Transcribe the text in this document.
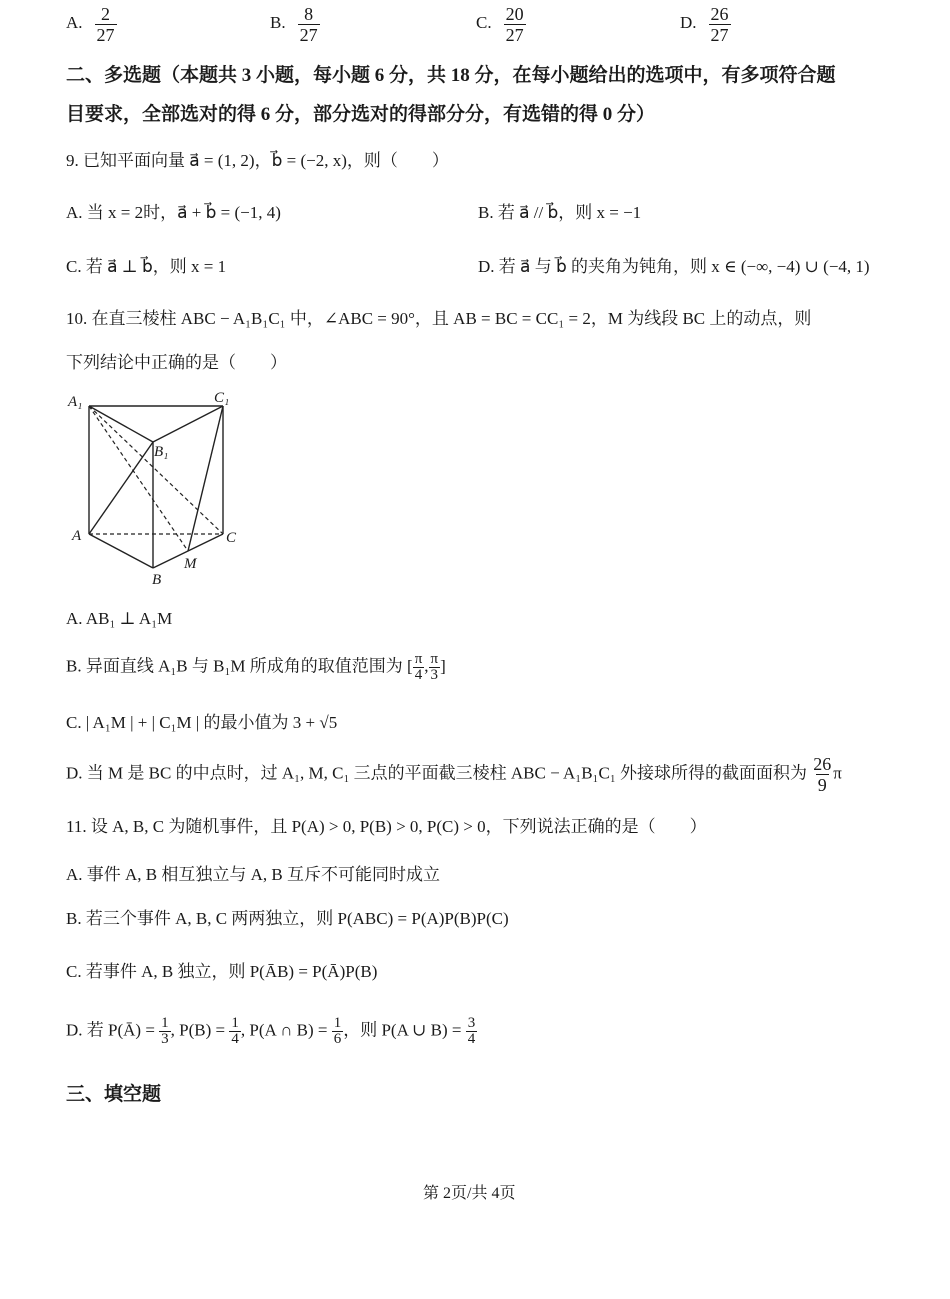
A. $\frac{2}{27}$	B. $\frac{8}{27}$	C. $\frac{20}{27}$	D. $\frac{26}{27}$
二、多选题（本题共 3 小题，每小题 6 分，共 18 分，在每小题给出的选项中，有多项符合题
目要求，全部选对的得 6 分，部分选对的得部分分，有选错的得 0 分）
9. 已知平面向量 a⃗ = (1, 2)，b⃗ = (−2, x)，则（　　）
A. 当 x = 2时，a⃗ + b⃗ = (−1, 4)	B. 若 a⃗ // b⃗，则 x = −1
C. 若 a⃗ ⊥ b⃗，则 x = 1	D. 若 a⃗ 与 b⃗ 的夹角为钝角，则 x ∈ (−∞, −4) ∪ (−4, 1)
10. 在直三棱柱 ABC − A₁B₁C₁ 中，∠ABC = 90°，且 AB = BC = CC₁ = 2，M 为线段 BC 上的动点，则
下列结论中正确的是（　　）
A₁	C₁
B₁
A	C
B
M
A. AB₁ ⊥ A₁M
B. 异面直线 A₁B 与 B₁M 所成角的取值范围为 [ $\frac{\pi}{4}$ , $\frac{\pi}{3}$ ]
C. | A₁M | + | C₁M | 的最小值为 3 + √5
D. 当 M 是 BC 的中点时，过 A₁, M, C₁ 三点的平面截三棱柱 ABC − A₁B₁C₁ 外接球所得的截面面积为 $\frac{26}{9}$ π
11. 设 A, B, C 为随机事件，且 P(A) > 0, P(B) > 0, P(C) > 0，下列说法正确的是（　　）
A. 事件 A, B 相互独立与 A, B 互斥不可能同时成立
B. 若三个事件 A, B, C 两两独立，则 P(ABC) = P(A)P(B)P(C)
C. 若事件 A, B 独立，则 P(ĀB) = P(Ā)P(B)
D. 若 P(Ā) = $\frac{1}{3}$ , $P(B) = \frac{1}{4}$ , P(A ∩ $B) = \frac{1}{6}$ ，则 P(A ∪ $B) = \frac{3}{4}$
三、填空题
第 2页/共 4页
